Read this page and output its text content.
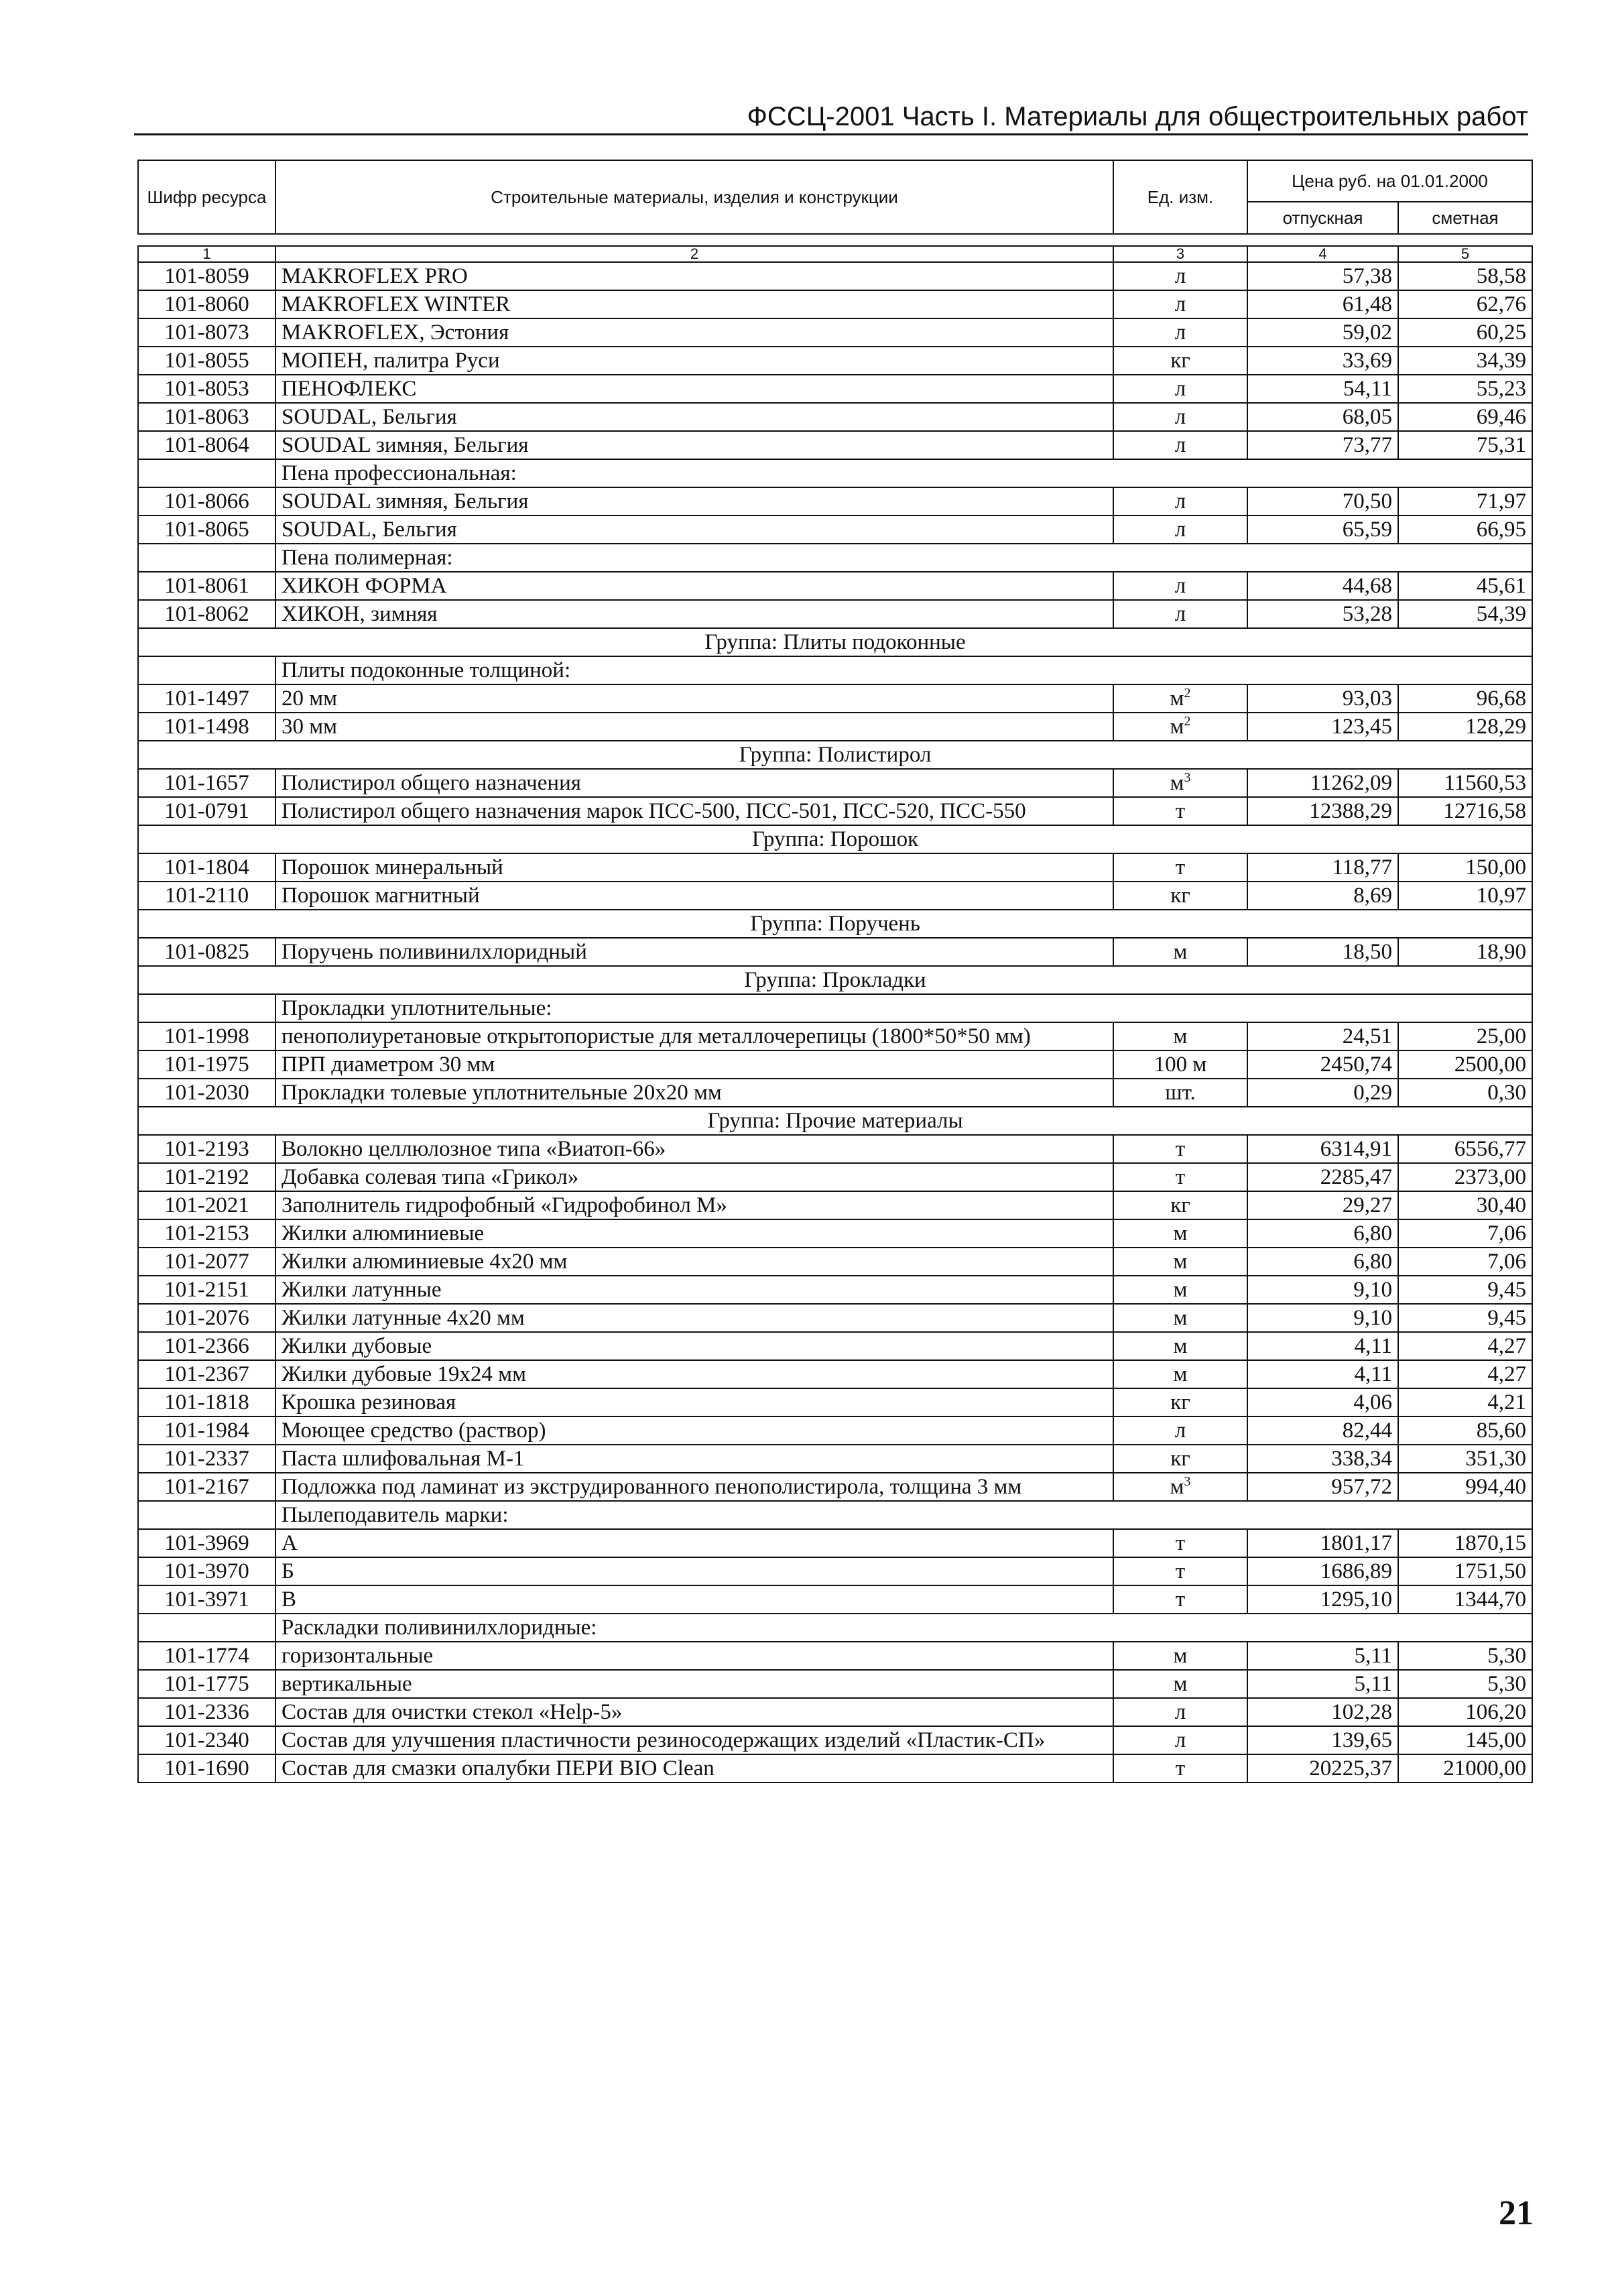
ФССЦ-2001 Часть I. Материалы для общестроительных работ
Шифр ресурса	Строительные материалы, изделия и конструкции	Ед. изм.	Цена руб. на 01.01.2000	
			отпускная	сметная

1	2	3	4	5
101-8059	MAKROFLEX PRO	л	57,38	58,58
101-8060	MAKROFLEX WINTER	л	61,48	62,76
101-8073	MAKROFLEX, Эстония	л	59,02	60,25
101-8055	МОПЕН, палитра Руси	кг	33,69	34,39
101-8053	ПЕНОФЛЕКС	л	54,11	55,23
101-8063	SOUDAL, Бельгия	л	68,05	69,46
101-8064	SOUDAL зимняя, Бельгия	л	73,77	75,31
	Пена профессиональная:			
101-8066	SOUDAL зимняя, Бельгия	л	70,50	71,97
101-8065	SOUDAL, Бельгия	л	65,59	66,95
	Пена полимерная:			
101-8061	ХИКОН ФОРМА	л	44,68	45,61
101-8062	ХИКОН, зимняя	л	53,28	54,39
Группа: Плиты подоконные				
	Плиты подоконные толщиной:			
101-1497	20 мм	$м^2$	93,03	96,68
101-1498	30 мм	$м^2$	123,45	128,29
Группа: Полистирол				
101-1657	Полистирол общего назначения	$м^3$	11262,09	11560,53
101-0791	Полистирол общего назначения марок ПСС-500, ПСС-501, ПСС-520, ПСС-550	т	12388,29	12716,58
Группа: Порошок				
101-1804	Порошок минеральный	т	118,77	150,00
101-2110	Порошок магнитный	кг	8,69	10,97
Группа: Поручень				
101-0825	Поручень поливинилхлоридный	м	18,50	18,90
Группа: Прокладки				
	Прокладки уплотнительные:			
101-1998	пенополиуретановые открытопористые для металлочерепицы (1800*50*50 мм)	м	24,51	25,00
101-1975	ПРП диаметром 30 мм	100 м	2450,74	2500,00
101-2030	Прокладки толевые уплотнительные 20х20 мм	шт.	0,29	0,30
Группа: Прочие материалы				
101-2193	Волокно целлюлозное типа «Виатоп-66»	т	6314,91	6556,77
101-2192	Добавка солевая типа «Грикол»	т	2285,47	2373,00
101-2021	Заполнитель гидрофобный «Гидрофобинол М»	кг	29,27	30,40
101-2153	Жилки алюминиевые	м	6,80	7,06
101-2077	Жилки алюминиевые 4х20 мм	м	6,80	7,06
101-2151	Жилки латунные	м	9,10	9,45
101-2076	Жилки латунные 4х20 мм	м	9,10	9,45
101-2366	Жилки дубовые	м	4,11	4,27
101-2367	Жилки дубовые 19х24 мм	м	4,11	4,27
101-1818	Крошка резиновая	кг	4,06	4,21
101-1984	Моющее средство (раствор)	л	82,44	85,60
101-2337	Паста шлифовальная М-1	кг	338,34	351,30
101-2167	Подложка под ламинат из экструдированного пенополистирола, толщина 3 мм	$м^3$	957,72	994,40
	Пылеподавитель марки:			
101-3969	А	т	1801,17	1870,15
101-3970	Б	т	1686,89	1751,50
101-3971	В	т	1295,10	1344,70
	Раскладки поливинилхлоридные:			
101-1774	горизонтальные	м	5,11	5,30
101-1775	вертикальные	м	5,11	5,30
101-2336	Состав для очистки стекол «Help-5»	л	102,28	106,20
101-2340	Состав для улучшения пластичности резиносодержащих изделий «Пластик-СП»	л	139,65	145,00
101-1690	Состав для смазки опалубки ПЕРИ BIO Clean	т	20225,37	21000,00
21
